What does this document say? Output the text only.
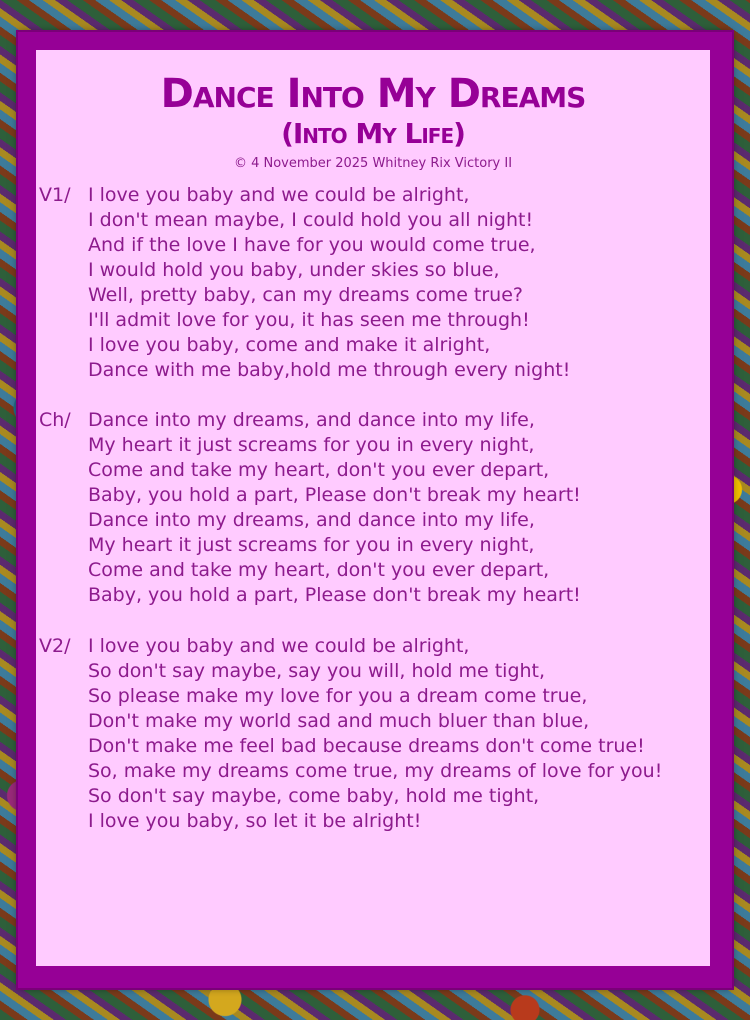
Dance Into My Dreams
(Into My Life)
© 4 November 2025 Whitney Rix Victory II
V1/ I love you baby and we could be alright,
I don't mean maybe, I could hold you all night!
And if the love I have for you would come true,
I would hold you baby, under skies so blue,
Well, pretty baby, can my dreams come true?
I'll admit love for you, it has seen me through!
I love you baby, come and make it alright,
Dance with me baby,hold me through every night!
Ch/ Dance into my dreams, and dance into my life,
My heart it just screams for you in every night,
Come and take my heart, don't you ever depart,
Baby, you hold a part, Please don't break my heart!
Dance into my dreams, and dance into my life,
My heart it just screams for you in every night,
Come and take my heart, don't you ever depart,
Baby, you hold a part, Please don't break my heart!
V2/ I love you baby and we could be alright,
So don't say maybe, say you will, hold me tight,
So please make my love for you a dream come true,
Don't make my world sad and much bluer than blue,
Don't make me feel bad because dreams don't come true!
So, make my dreams come true, my dreams of love for you!
So don't say maybe, come baby, hold me tight,
I love you baby, so let it be alright!
